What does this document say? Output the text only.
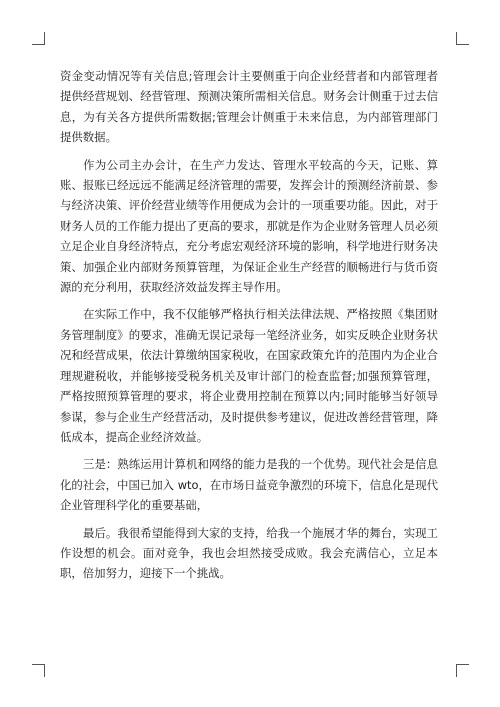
资金变动情况等有关信息;管理会计主要侧重于向企业经营者和内部管理者提供经营规划、经营管理、预测决策所需相关信息。财务会计侧重于过去信息，为有关各方提供所需数据;管理会计侧重于未来信息，为内部管理部门提供数据。

作为公司主办会计，在生产力发达、管理水平较高的今天，记账、算账、报账已经远远不能满足经济管理的需要，发挥会计的预测经济前景、参与经济决策、评价经营业绩等作用便成为会计的一项重要功能。因此，对于财务人员的工作能力提出了更高的要求，那就是作为企业财务管理人员必须立足企业自身经济特点，充分考虑宏观经济环境的影响，科学地进行财务决策、加强企业内部财务预算管理，为保证企业生产经营的顺畅进行与货币资源的充分利用，获取经济效益发挥主导作用。

在实际工作中，我不仅能够严格执行相关法律法规、严格按照《集团财务管理制度》的要求，准确无误记录每一笔经济业务，如实反映企业财务状况和经营成果，依法计算缴纳国家税收，在国家政策允许的范围内为企业合理规避税收，并能够接受税务机关及审计部门的检查监督;加强预算管理，严格按照预算管理的要求，将企业费用控制在预算以内;同时能够当好领导参谋，参与企业生产经营活动，及时提供参考建议，促进改善经营管理，降低成本，提高企业经济效益。

三是：熟练运用计算机和网络的能力是我的一个优势。现代社会是信息化的社会，中国已加入 wto，在市场日益竞争激烈的环境下，信息化是现代企业管理科学化的重要基础，

最后。我很希望能得到大家的支持，给我一个施展才华的舞台，实现工作设想的机会。面对竞争，我也会坦然接受成败。我会充满信心，立足本职，倍加努力，迎接下一个挑战。
